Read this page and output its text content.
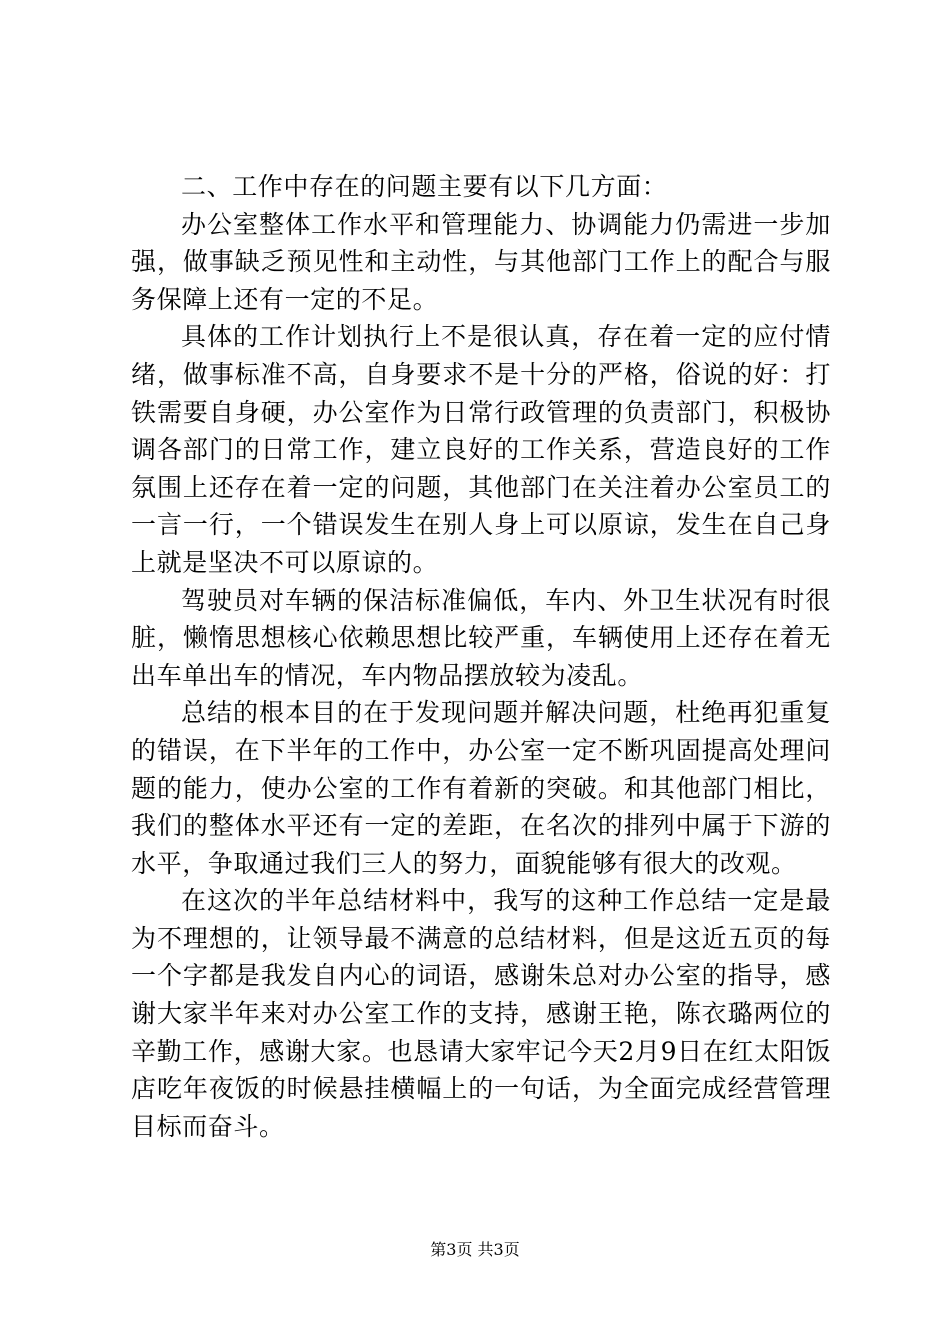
二、工作中存在的问题主要有以下几方面：

办公室整体工作水平和管理能力、协调能力仍需进一步加强，做事缺乏预见性和主动性，与其他部门工作上的配合与服务保障上还有一定的不足。

具体的工作计划执行上不是很认真，存在着一定的应付情绪，做事标准不高，自身要求不是十分的严格，俗说的好：打铁需要自身硬，办公室作为日常行政管理的负责部门，积极协调各部门的日常工作，建立良好的工作关系，营造良好的工作氛围上还存在着一定的问题，其他部门在关注着办公室员工的一言一行，一个错误发生在别人身上可以原谅，发生在自己身上就是坚决不可以原谅的。

驾驶员对车辆的保洁标准偏低，车内、外卫生状况有时很脏，懒惰思想核心依赖思想比较严重，车辆使用上还存在着无出车单出车的情况，车内物品摆放较为凌乱。

总结的根本目的在于发现问题并解决问题，杜绝再犯重复的错误，在下半年的工作中，办公室一定不断巩固提高处理问题的能力，使办公室的工作有着新的突破。和其他部门相比，我们的整体水平还有一定的差距，在名次的排列中属于下游的水平，争取通过我们三人的努力，面貌能够有很大的改观。

在这次的半年总结材料中，我写的这种工作总结一定是最为不理想的，让领导最不满意的总结材料，但是这近五页的每一个字都是我发自内心的词语，感谢朱总对办公室的指导，感谢大家半年来对办公室工作的支持，感谢王艳，陈衣璐两位的辛勤工作，感谢大家。也恳请大家牢记今天2月9日在红太阳饭店吃年夜饭的时候悬挂横幅上的一句话，为全面完成经营管理目标而奋斗。

第3页 共3页
